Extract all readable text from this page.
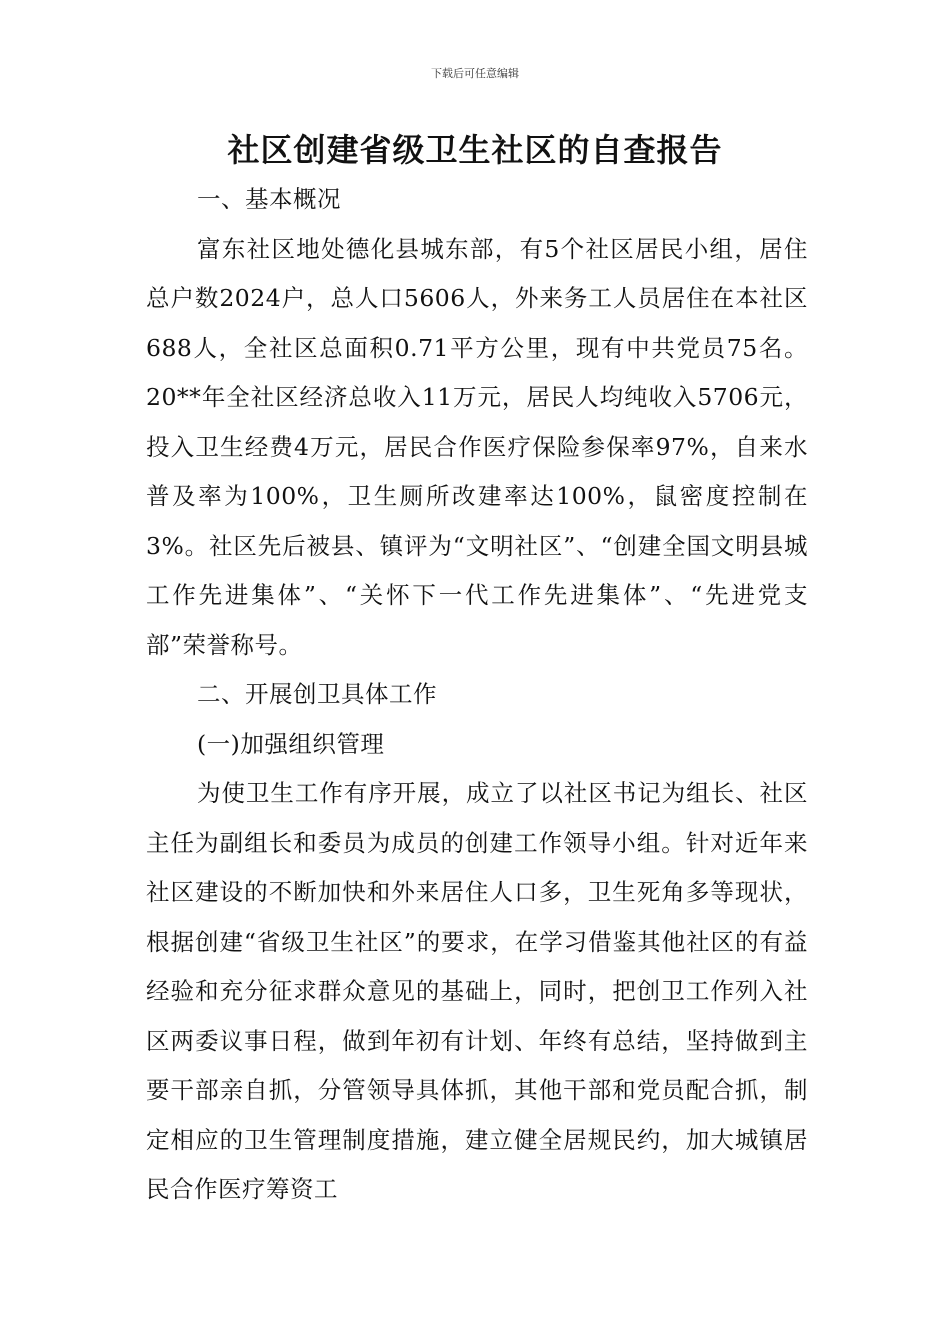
下载后可任意编辑
社区创建省级卫生社区的自查报告

一、基本概况

富东社区地处德化县城东部，有5个社区居民小组，居住总户数2024户，总人口5606人，外来务工人员居住在本社区688人，全社区总面积0.71平方公里，现有中共党员75名。20**年全社区经济总收入11万元，居民人均纯收入5706元，投入卫生经费4万元，居民合作医疗保险参保率97%，自来水普及率为100%，卫生厕所改建率达100%，鼠密度控制在3%。社区先后被县、镇评为“文明社区”、“创建全国文明县城工作先进集体”、“关怀下一代工作先进集体”、“先进党支部”荣誉称号。

二、开展创卫具体工作

(一)加强组织管理

为使卫生工作有序开展，成立了以社区书记为组长、社区主任为副组长和委员为成员的创建工作领导小组。针对近年来社区建设的不断加快和外来居住人口多，卫生死角多等现状，根据创建“省级卫生社区”的要求，在学习借鉴其他社区的有益经验和充分征求群众意见的基础上，同时，把创卫工作列入社区两委议事日程，做到年初有计划、年终有总结，坚持做到主要干部亲自抓，分管领导具体抓，其他干部和党员配合抓，制定相应的卫生管理制度措施，建立健全居规民约，加大城镇居民合作医疗筹资工
